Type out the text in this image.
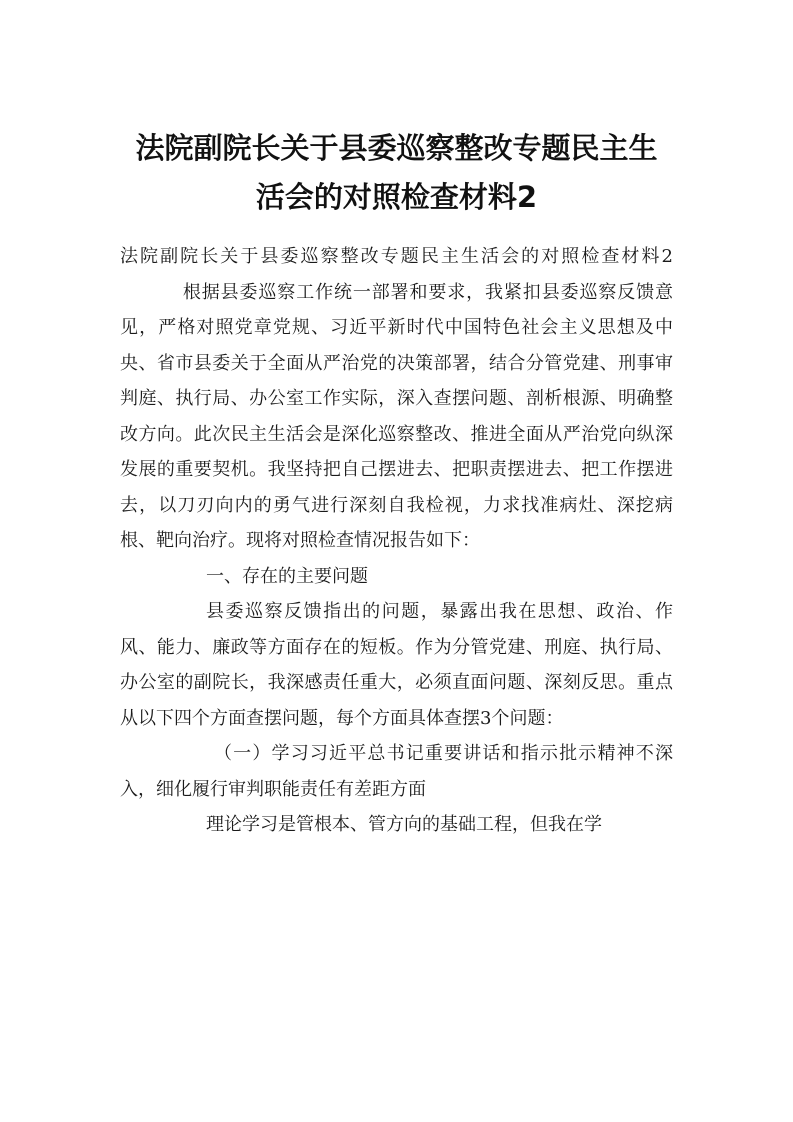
法院副院长关于县委巡察整改专题民主生
活会的对照检查材料2

法院副院长关于县委巡察整改专题民主生活会的对照检查材料2根据县委巡察工作统一部署和要求，我紧扣县委巡察反馈意见，严格对照党章党规、习近平新时代中国特色社会主义思想及中央、省市县委关于全面从严治党的决策部署，结合分管党建、刑事审判庭、执行局、办公室工作实际，深入查摆问题、剖析根源、明确整改方向。此次民主生活会是深化巡察整改、推进全面从严治党向纵深发展的重要契机。我坚持把自己摆进去、把职责摆进去、把工作摆进去，以刀刃向内的勇气进行深刻自我检视，力求找准病灶、深挖病根、靶向治疗。现将对照检查情况报告如下：

一、存在的主要问题

县委巡察反馈指出的问题，暴露出我在思想、政治、作风、能力、廉政等方面存在的短板。作为分管党建、刑庭、执行局、办公室的副院长，我深感责任重大，必须直面问题、深刻反思。重点从以下四个方面查摆问题，每个方面具体查摆3个问题：

（一）学习习近平总书记重要讲话和指示批示精神不深入，细化履行审判职能责任有差距方面

理论学习是管根本、管方向的基础工程，但我在学
